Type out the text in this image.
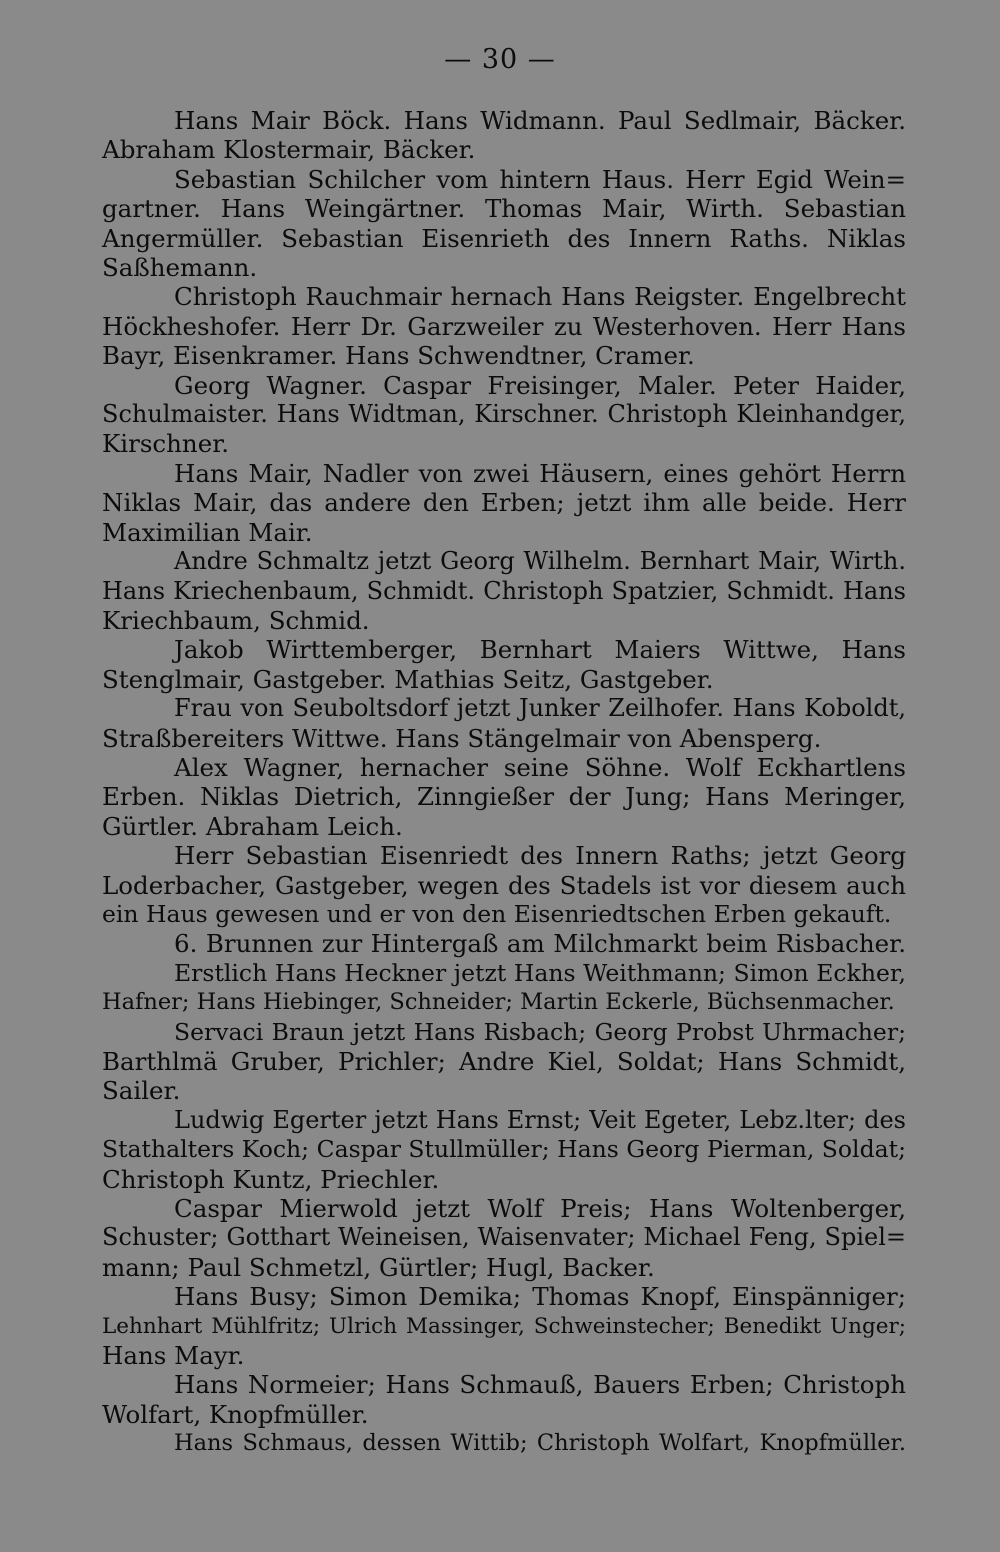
— 30 —
Hans Mair Böck. Hans Widmann. Paul Sedlmair, Bäcker.
Abraham Klostermair, Bäcker.
Sebastian Schilcher vom hintern Haus. Herr Egid Wein=
gartner. Hans Weingärtner. Thomas Mair, Wirth. Sebastian
Angermüller. Sebastian Eisenrieth des Innern Raths. Niklas
Saßhemann.
Christoph Rauchmair hernach Hans Reigster. Engelbrecht
Höckheshofer. Herr Dr. Garzweiler zu Westerhoven. Herr Hans
Bayr, Eisenkramer. Hans Schwendtner, Cramer.
Georg Wagner. Caspar Freisinger, Maler. Peter Haider,
Schulmaister. Hans Widtman, Kirschner. Christoph Kleinhandger,
Kirschner.
Hans Mair, Nadler von zwei Häusern, eines gehört Herrn
Niklas Mair, das andere den Erben; jetzt ihm alle beide. Herr
Maximilian Mair.
Andre Schmaltz jetzt Georg Wilhelm. Bernhart Mair, Wirth.
Hans Kriechenbaum, Schmidt. Christoph Spatzier, Schmidt. Hans
Kriechbaum, Schmid.
Jakob Wirttemberger, Bernhart Maiers Wittwe, Hans
Stenglmair, Gastgeber. Mathias Seitz, Gastgeber.
Frau von Seuboltsdorf jetzt Junker Zeilhofer. Hans Koboldt,
Straßbereiters Wittwe. Hans Stängelmair von Abensperg.
Alex Wagner, hernacher seine Söhne. Wolf Eckhartlens
Erben. Niklas Dietrich, Zinngießer der Jung; Hans Meringer,
Gürtler. Abraham Leich.
Herr Sebastian Eisenriedt des Innern Raths; jetzt Georg
Loderbacher, Gastgeber, wegen des Stadels ist vor diesem auch
ein Haus gewesen und er von den Eisenriedtschen Erben gekauft.
6. Brunnen zur Hintergaß am Milchmarkt beim Risbacher.
Erstlich Hans Heckner jetzt Hans Weithmann; Simon Eckher,
Hafner; Hans Hiebinger, Schneider; Martin Eckerle, Büchsenmacher.
Servaci Braun jetzt Hans Risbach; Georg Probst Uhrmacher;
Barthlmä Gruber, Prichler; Andre Kiel, Soldat; Hans Schmidt,
Sailer.
Ludwig Egerter jetzt Hans Ernst; Veit Egeter, Lebz.lter; des
Stathalters Koch; Caspar Stullmüller; Hans Georg Pierman, Soldat;
Christoph Kuntz, Priechler.
Caspar Mierwold jetzt Wolf Preis; Hans Woltenberger,
Schuster; Gotthart Weineisen, Waisenvater; Michael Feng, Spiel=
mann; Paul Schmetzl, Gürtler; Hugl, Backer.
Hans Busy; Simon Demika; Thomas Knopf, Einspänniger;
Lehnhart Mühlfritz; Ulrich Massinger, Schweinstecher; Benedikt Unger;
Hans Mayr.
Hans Normeier; Hans Schmauß, Bauers Erben; Christoph
Wolfart, Knopfmüller.
Hans Schmaus, dessen Wittib; Christoph Wolfart, Knopfmüller.
